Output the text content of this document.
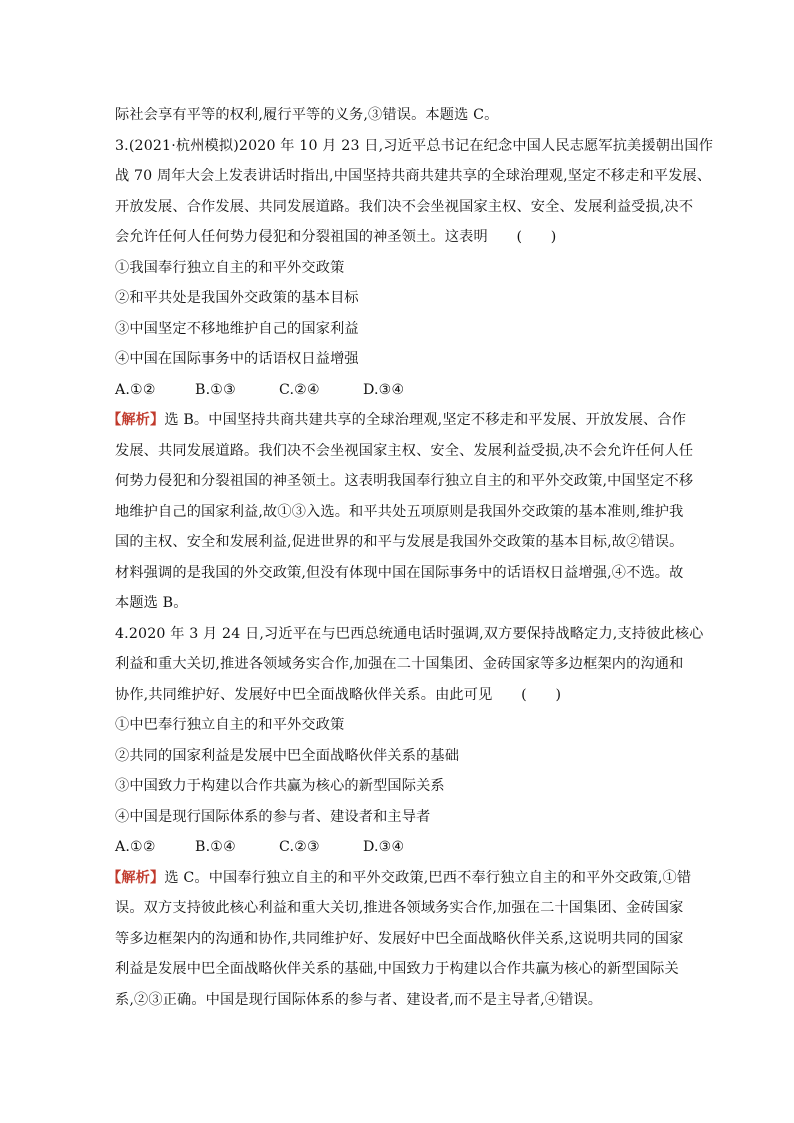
际社会享有平等的权利,履行平等的义务,③错误。本题选 C。
3.(2021·杭州模拟)2020 年 10 月 23 日,习近平总书记在纪念中国人民志愿军抗美援朝出国作
战 70 周年大会上发表讲话时指出,中国坚持共商共建共享的全球治理观,坚定不移走和平发展、
开放发展、合作发展、共同发展道路。我们决不会坐视国家主权、安全、发展利益受损,决不
会允许任何人任何势力侵犯和分裂祖国的神圣领土。这表明　　(　　)
①我国奉行独立自主的和平外交政策
②和平共处是我国外交政策的基本目标
③中国坚定不移地维护自己的国家利益
④中国在国际事务中的话语权日益增强
A.①②	B.①③	C.②④	D.③④
【解析】选 B。中国坚持共商共建共享的全球治理观,坚定不移走和平发展、开放发展、合作
发展、共同发展道路。我们决不会坐视国家主权、安全、发展利益受损,决不会允许任何人任
何势力侵犯和分裂祖国的神圣领土。这表明我国奉行独立自主的和平外交政策,中国坚定不移
地维护自己的国家利益,故①③入选。和平共处五项原则是我国外交政策的基本准则,维护我
国的主权、安全和发展利益,促进世界的和平与发展是我国外交政策的基本目标,故②错误。
材料强调的是我国的外交政策,但没有体现中国在国际事务中的话语权日益增强,④不选。故
本题选 B。
4.2020 年 3 月 24 日,习近平在与巴西总统通电话时强调,双方要保持战略定力,支持彼此核心
利益和重大关切,推进各领域务实合作,加强在二十国集团、金砖国家等多边框架内的沟通和
协作,共同维护好、发展好中巴全面战略伙伴关系。由此可见　　(　　)
①中巴奉行独立自主的和平外交政策
②共同的国家利益是发展中巴全面战略伙伴关系的基础
③中国致力于构建以合作共赢为核心的新型国际关系
④中国是现行国际体系的参与者、建设者和主导者
A.①②	B.①④	C.②③	D.③④
【解析】选 C。中国奉行独立自主的和平外交政策,巴西不奉行独立自主的和平外交政策,①错
误。双方支持彼此核心利益和重大关切,推进各领域务实合作,加强在二十国集团、金砖国家
等多边框架内的沟通和协作,共同维护好、发展好中巴全面战略伙伴关系,这说明共同的国家
利益是发展中巴全面战略伙伴关系的基础,中国致力于构建以合作共赢为核心的新型国际关
系,②③正确。中国是现行国际体系的参与者、建设者,而不是主导者,④错误。
